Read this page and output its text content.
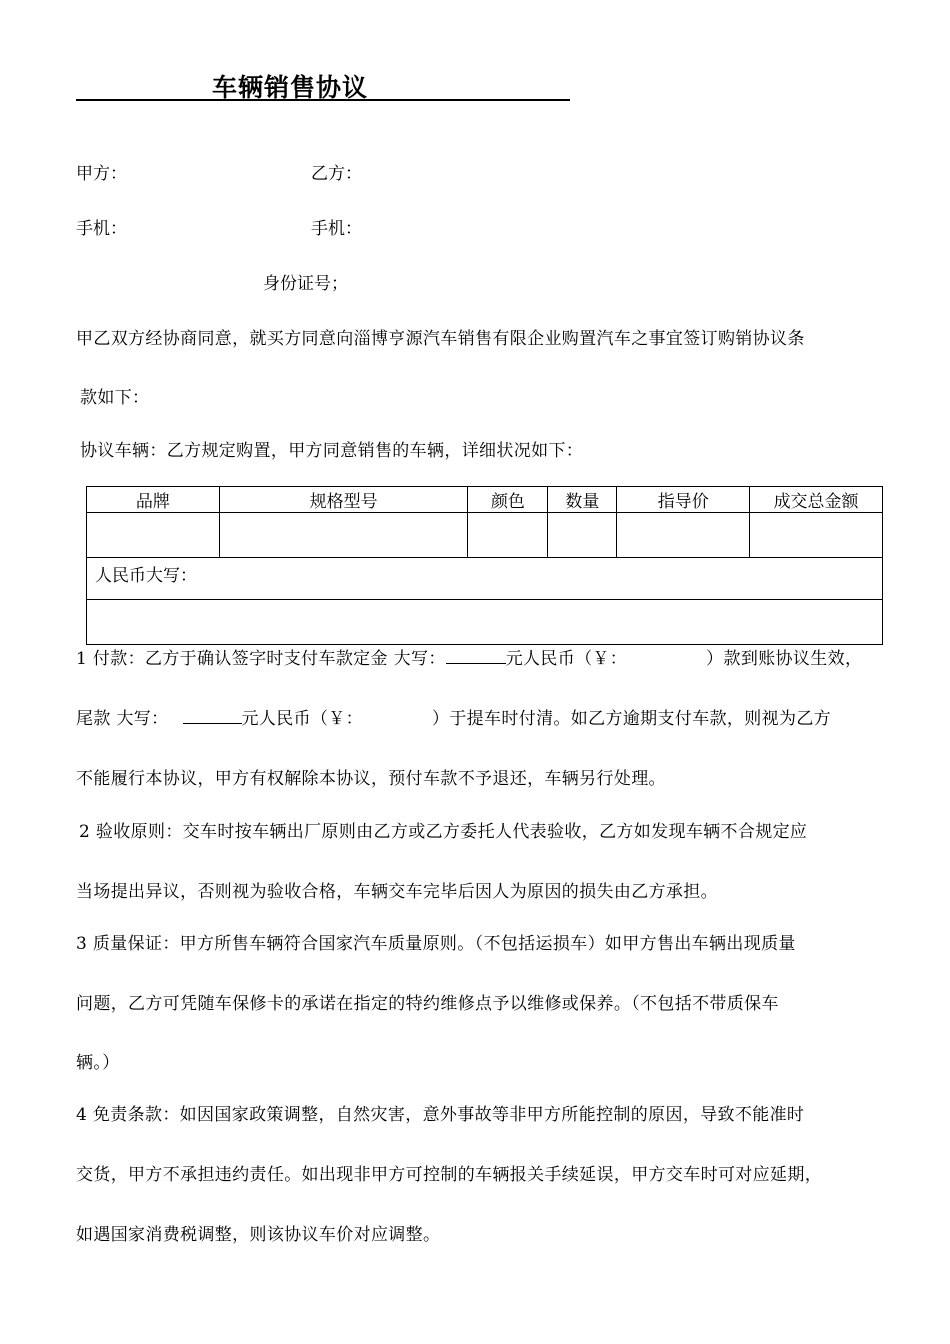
车辆销售协议
甲方：	乙方：
手机：	手机：
身份证号；
甲乙双方经协商同意，就买方同意向淄博亨源汽车销售有限企业购置汽车之事宜签订购销协议条
款如下：
协议车辆：乙方规定购置，甲方同意销售的车辆，详细状况如下：
品牌	规格型号	颜色	数量	指导价	成交总金额

人民币大写：					

1 付款：乙方于确认签字时支付车款定金 大写：	元人民币（￥：	）款到账协议生效，
尾款 大写：	元人民币（￥：	）于提车时付清。如乙方逾期支付车款，则视为乙方
不能履行本协议，甲方有权解除本协议，预付车款不予退还，车辆另行处理。
2 验收原则：交车时按车辆出厂原则由乙方或乙方委托人代表验收，乙方如发现车辆不合规定应
当场提出异议，否则视为验收合格，车辆交车完毕后因人为原因的损失由乙方承担。
3 质量保证：甲方所售车辆符合国家汽车质量原则。（不包括运损车）如甲方售出车辆出现质量
问题，乙方可凭随车保修卡的承诺在指定的特约维修点予以维修或保养。（不包括不带质保车
辆。）
4 免责条款：如因国家政策调整，自然灾害，意外事故等非甲方所能控制的原因，导致不能准时
交货，甲方不承担违约责任。如出现非甲方可控制的车辆报关手续延误，甲方交车时可对应延期，
如遇国家消费税调整，则该协议车价对应调整。
